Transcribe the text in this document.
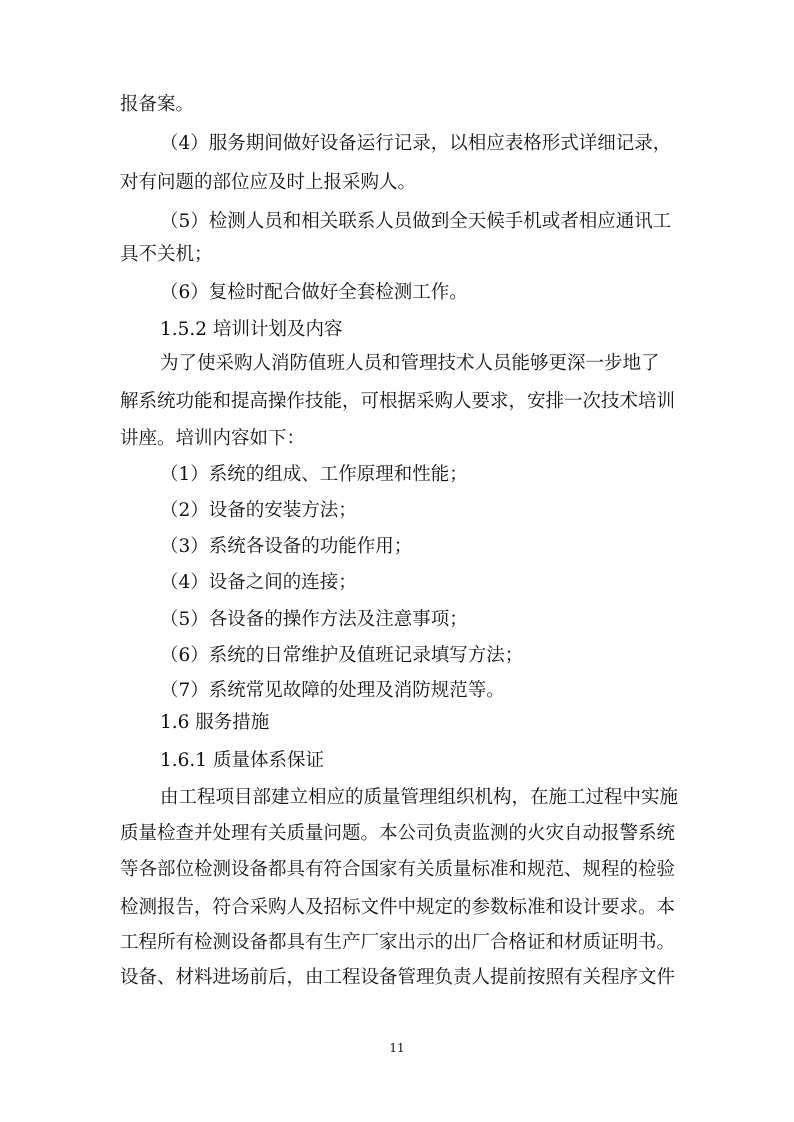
报备案。
（4）服务期间做好设备运行记录，以相应表格形式详细记录，
对有问题的部位应及时上报采购人。
（5）检测人员和相关联系人员做到全天候手机或者相应通讯工
具不关机；
（6）复检时配合做好全套检测工作。
1.5.2 培训计划及内容
为了使采购人消防值班人员和管理技术人员能够更深一步地了
解系统功能和提高操作技能，可根据采购人要求，安排一次技术培训
讲座。培训内容如下：
（1）系统的组成、工作原理和性能；
（2）设备的安装方法；
（3）系统各设备的功能作用；
（4）设备之间的连接；
（5）各设备的操作方法及注意事项；
（6）系统的日常维护及值班记录填写方法；
（7）系统常见故障的处理及消防规范等。
1.6 服务措施
1.6.1 质量体系保证
由工程项目部建立相应的质量管理组织机构，在施工过程中实施
质量检查并处理有关质量问题。本公司负责监测的火灾自动报警系统
等各部位检测设备都具有符合国家有关质量标准和规范、规程的检验
检测报告，符合采购人及招标文件中规定的参数标准和设计要求。本
工程所有检测设备都具有生产厂家出示的出厂合格证和材质证明书。
设备、材料进场前后，由工程设备管理负责人提前按照有关程序文件
11
